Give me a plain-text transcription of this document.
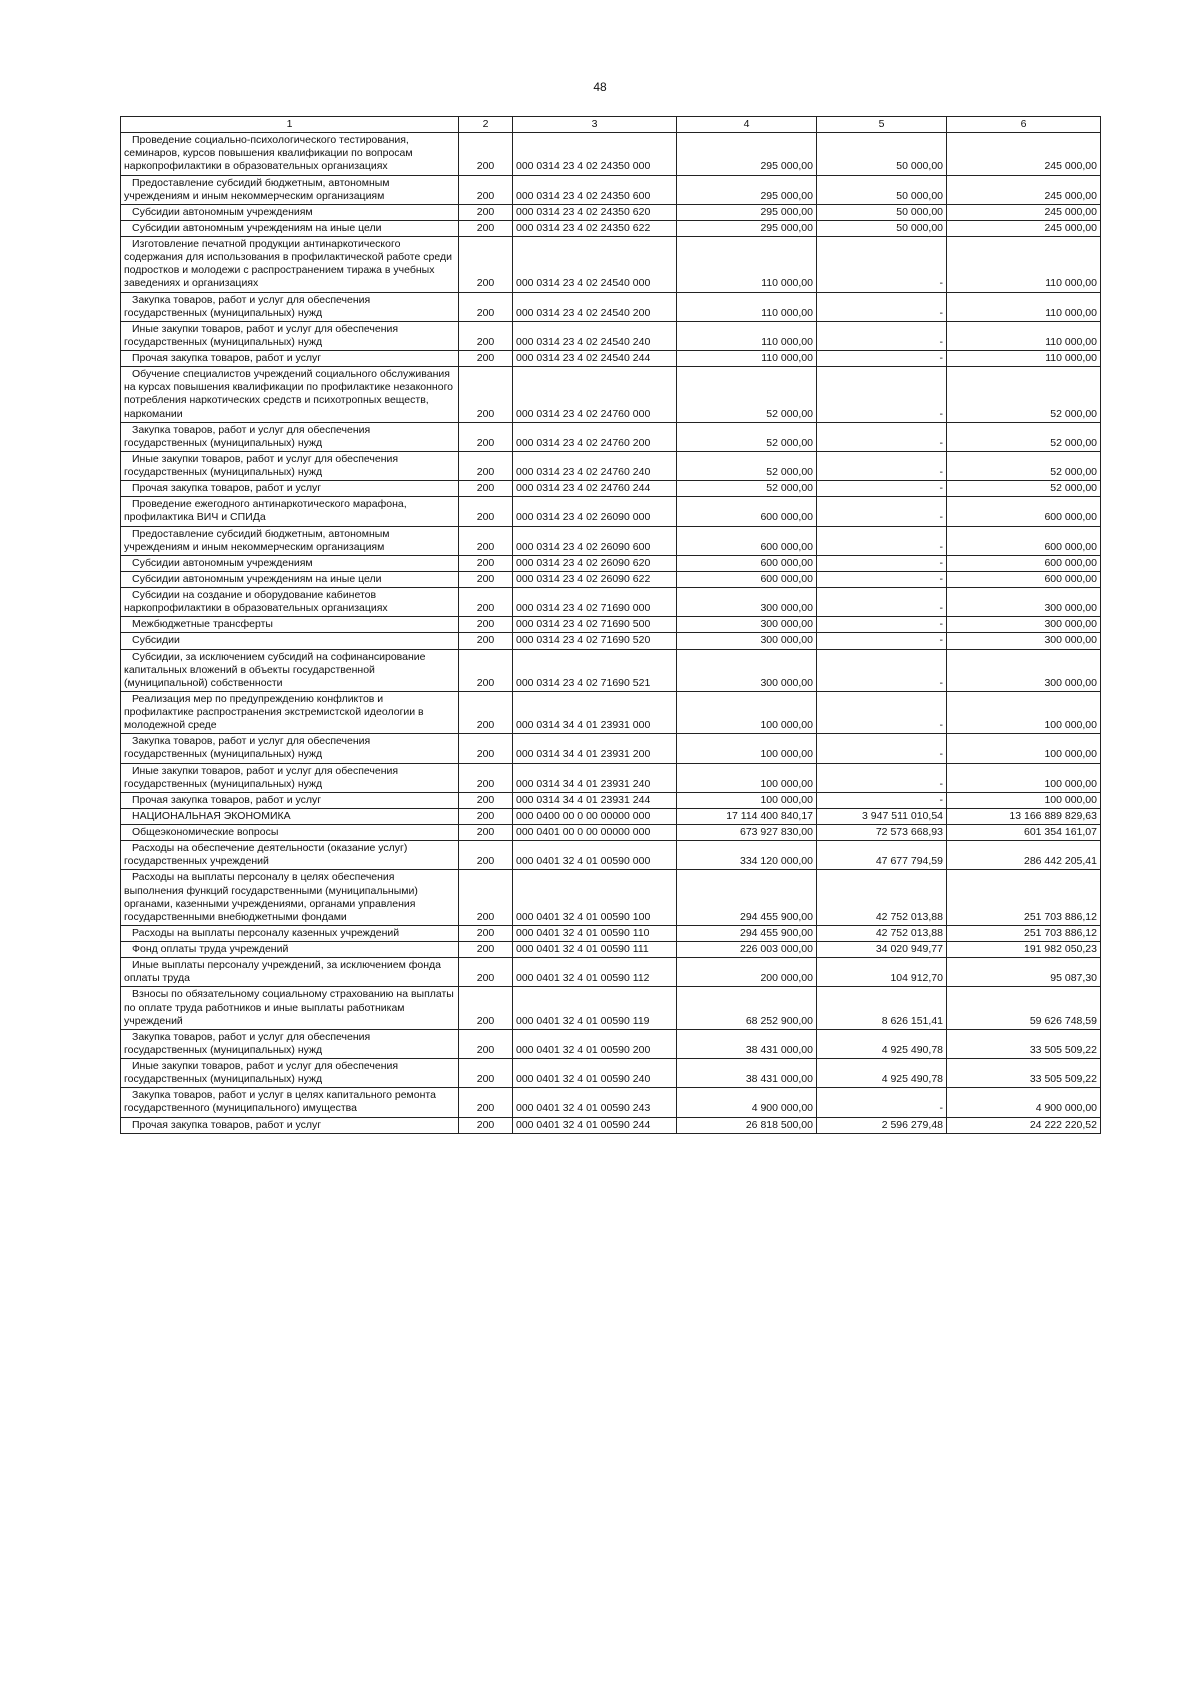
48
1	2	3	4	5	6

Проведение социально-психологического тестирования, семинаров, курсов повышения квалификации по вопросам наркопрофилактики в образовательных организациях	200	000 0314 23 4 02 24350 000	295 000,00	50 000,00	245 000,00

Предоставление субсидий бюджетным, автономным учреждениям и иным некоммерческим организациям	200	000 0314 23 4 02 24350 600	295 000,00	50 000,00	245 000,00

Субсидии автономным учреждениям	200	000 0314 23 4 02 24350 620	295 000,00	50 000,00	245 000,00

Субсидии автономным учреждениям на иные цели	200	000 0314 23 4 02 24350 622	295 000,00	50 000,00	245 000,00

Изготовление печатной продукции антинаркотического содержания для использования в профилактической работе среди подростков и молодежи с распространением тиража в учебных заведениях и организациях	200	000 0314 23 4 02 24540 000	110 000,00	-	110 000,00

Закупка товаров, работ и услуг для обеспечения государственных (муниципальных) нужд	200	000 0314 23 4 02 24540 200	110 000,00	-	110 000,00

Иные закупки товаров, работ и услуг для обеспечения государственных (муниципальных) нужд	200	000 0314 23 4 02 24540 240	110 000,00	-	110 000,00

Прочая закупка товаров, работ и услуг	200	000 0314 23 4 02 24540 244	110 000,00	-	110 000,00

Обучение специалистов учреждений социального обслуживания на курсах повышения квалификации по профилактике незаконного потребления наркотических средств и психотропных веществ, наркомании	200	000 0314 23 4 02 24760 000	52 000,00	-	52 000,00

Закупка товаров, работ и услуг для обеспечения государственных (муниципальных) нужд	200	000 0314 23 4 02 24760 200	52 000,00	-	52 000,00

Иные закупки товаров, работ и услуг для обеспечения государственных (муниципальных) нужд	200	000 0314 23 4 02 24760 240	52 000,00	-	52 000,00

Прочая закупка товаров, работ и услуг	200	000 0314 23 4 02 24760 244	52 000,00	-	52 000,00

Проведение ежегодного антинаркотического марафона, профилактика ВИЧ и СПИДа	200	000 0314 23 4 02 26090 000	600 000,00	-	600 000,00

Предоставление субсидий бюджетным, автономным учреждениям и иным некоммерческим организациям	200	000 0314 23 4 02 26090 600	600 000,00	-	600 000,00

Субсидии автономным учреждениям	200	000 0314 23 4 02 26090 620	600 000,00	-	600 000,00

Субсидии автономным учреждениям на иные цели	200	000 0314 23 4 02 26090 622	600 000,00	-	600 000,00

Субсидии на создание и оборудование кабинетов наркопрофилактики в образовательных организациях	200	000 0314 23 4 02 71690 000	300 000,00	-	300 000,00

Межбюджетные трансферты	200	000 0314 23 4 02 71690 500	300 000,00	-	300 000,00

Субсидии	200	000 0314 23 4 02 71690 520	300 000,00	-	300 000,00

Субсидии, за исключением субсидий на софинансирование капитальных вложений в объекты государственной (муниципальной) собственности	200	000 0314 23 4 02 71690 521	300 000,00	-	300 000,00

Реализация мер по предупреждению конфликтов и профилактике распространения экстремистской идеологии в молодежной среде	200	000 0314 34 4 01 23931 000	100 000,00	-	100 000,00

Закупка товаров, работ и услуг для обеспечения государственных (муниципальных) нужд	200	000 0314 34 4 01 23931 200	100 000,00	-	100 000,00

Иные закупки товаров, работ и услуг для обеспечения государственных (муниципальных) нужд	200	000 0314 34 4 01 23931 240	100 000,00	-	100 000,00

Прочая закупка товаров, работ и услуг	200	000 0314 34 4 01 23931 244	100 000,00	-	100 000,00

НАЦИОНАЛЬНАЯ ЭКОНОМИКА	200	000 0400 00 0 00 00000 000	17 114 400 840,17	3 947 511 010,54	13 166 889 829,63

Общеэкономические вопросы	200	000 0401 00 0 00 00000 000	673 927 830,00	72 573 668,93	601 354 161,07

Расходы на обеспечение деятельности (оказание услуг) государственных учреждений	200	000 0401 32 4 01 00590 000	334 120 000,00	47 677 794,59	286 442 205,41

Расходы на выплаты персоналу в целях обеспечения выполнения функций государственными (муниципальными) органами, казенными учреждениями, органами управления государственными внебюджетными фондами	200	000 0401 32 4 01 00590 100	294 455 900,00	42 752 013,88	251 703 886,12

Расходы на выплаты персоналу казенных учреждений	200	000 0401 32 4 01 00590 110	294 455 900,00	42 752 013,88	251 703 886,12

Фонд оплаты труда учреждений	200	000 0401 32 4 01 00590 111	226 003 000,00	34 020 949,77	191 982 050,23

Иные выплаты персоналу учреждений, за исключением фонда оплаты труда	200	000 0401 32 4 01 00590 112	200 000,00	104 912,70	95 087,30

Взносы по обязательному социальному страхованию на выплаты по оплате труда работников и иные выплаты работникам учреждений	200	000 0401 32 4 01 00590 119	68 252 900,00	8 626 151,41	59 626 748,59

Закупка товаров, работ и услуг для обеспечения государственных (муниципальных) нужд	200	000 0401 32 4 01 00590 200	38 431 000,00	4 925 490,78	33 505 509,22

Иные закупки товаров, работ и услуг для обеспечения государственных (муниципальных) нужд	200	000 0401 32 4 01 00590 240	38 431 000,00	4 925 490,78	33 505 509,22

Закупка товаров, работ и услуг в целях капитального ремонта государственного (муниципального) имущества	200	000 0401 32 4 01 00590 243	4 900 000,00	-	4 900 000,00

Прочая закупка товаров, работ и услуг	200	000 0401 32 4 01 00590 244	26 818 500,00	2 596 279,48	24 222 220,52
